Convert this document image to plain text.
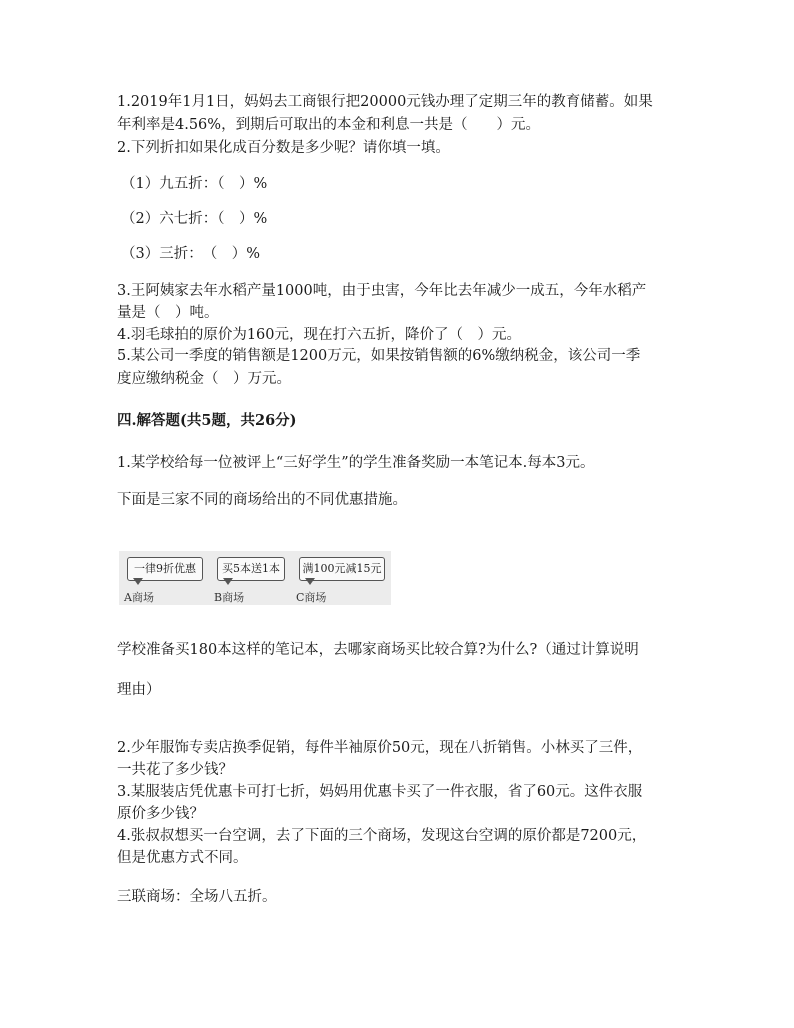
1.2019年1月1日，妈妈去工商银行把20000元钱办理了定期三年的教育储蓄。如果
年利率是4.56%，到期后可取出的本金和利息一共是（　　）元。
2.下列折扣如果化成百分数是多少呢？请你填一填。
（1）九五折：（　）%
（2）六七折：（　）%
（3）三折：　（　）%
3.王阿姨家去年水稻产量1000吨，由于虫害，今年比去年减少一成五，今年水稻产
量是（　）吨。
4.羽毛球拍的原价为160元，现在打六五折，降价了（　）元。
5.某公司一季度的销售额是1200万元，如果按销售额的6%缴纳税金，该公司一季
度应缴纳税金（　）万元。
四.解答题(共5题，共26分)
1.某学校给每一位被评上“三好学生”的学生准备奖励一本笔记本.每本3元。
下面是三家不同的商场给出的不同优惠措施。
一律9折优惠
A商场
买5本送1本
B商场
满100元减15元
C商场
学校准备买180本这样的笔记本，去哪家商场买比较合算?为什么?（通过计算说明
理由）
2.少年服饰专卖店换季促销，每件半袖原价50元，现在八折销售。小林买了三件，
一共花了多少钱？
3.某服装店凭优惠卡可打七折，妈妈用优惠卡买了一件衣服，省了60元。这件衣服
原价多少钱？
4.张叔叔想买一台空调，去了下面的三个商场，发现这台空调的原价都是7200元，
但是优惠方式不同。
三联商场：全场八五折。
